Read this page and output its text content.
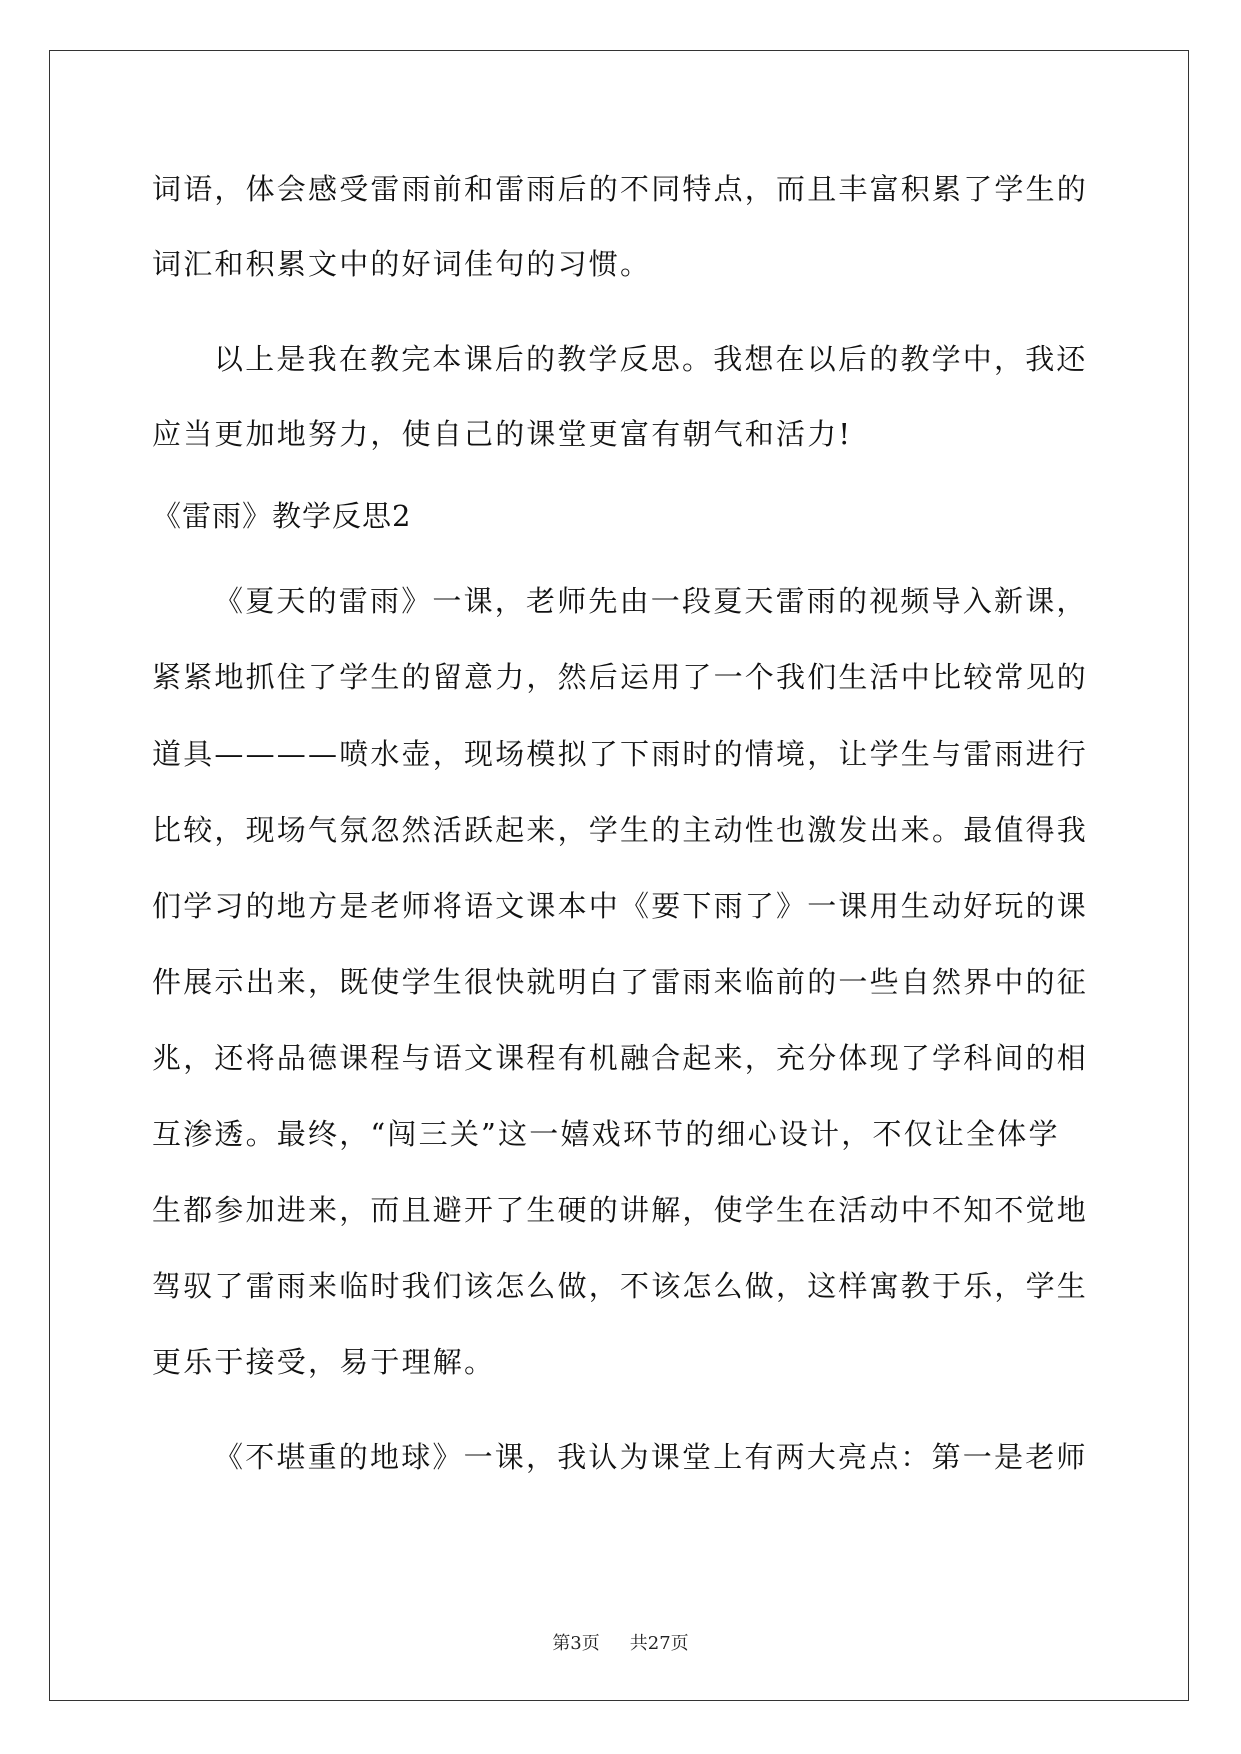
词语，体会感受雷雨前和雷雨后的不同特点，而且丰富积累了学生的
词汇和积累文中的好词佳句的习惯。
以上是我在教完本课后的教学反思。我想在以后的教学中，我还
应当更加地努力，使自己的课堂更富有朝气和活力!
《雷雨》教学反思2
《夏天的雷雨》一课，老师先由一段夏天雷雨的视频导入新课，
紧紧地抓住了学生的留意力，然后运用了一个我们生活中比较常见的
道具————喷水壶，现场模拟了下雨时的情境，让学生与雷雨进行
比较，现场气氛忽然活跃起来，学生的主动性也激发出来。最值得我
们学习的地方是老师将语文课本中《要下雨了》一课用生动好玩的课
件展示出来，既使学生很快就明白了雷雨来临前的一些自然界中的征
兆，还将品德课程与语文课程有机融合起来，充分体现了学科间的相
互渗透。最终，“闯三关”这一嬉戏环节的细心设计，不仅让全体学
生都参加进来，而且避开了生硬的讲解，使学生在活动中不知不觉地
驾驭了雷雨来临时我们该怎么做，不该怎么做，这样寓教于乐，学生
更乐于接受，易于理解。
《不堪重的地球》一课，我认为课堂上有两大亮点：第一是老师
第3页 共27页
